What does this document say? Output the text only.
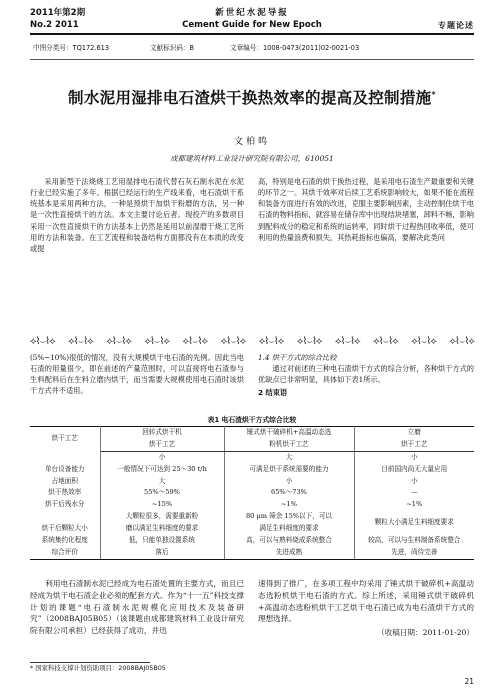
2011年第2期
No.2 2011
新世纪水泥导报
Cement Guide for New Epoch	专题论述
中图分类号：TQ172.613	文献标识码：B	文章编号：1008-0473(2011)02-0021-03
制水泥用湿排电石渣烘干换热效率的提高及控制措施*
文柏鸣
成都建筑材料工业设计研究院有限公司，610051

采用新型干法烧烧工艺用湿排电石渣代替石灰石制水泥在水泥行业已经实施了多年。根据已经运行的生产线来看，电石渣烘干系统基本是采用两种方法，一种是预烘干加烘干粉磨的方法，另一种是一次性直接烘干的方法。本文主要讨论后者。现投产的多数项目采用一次性直接烘干的方法基本上仍然是延用以前湿磨干烧工艺所用的方法和装备。在工艺流程和装备结构方面都没有在本质的改变或提

高，特别是电石渣的烘干换热过程，是采用电石渣生产最重要和关键的环节之一。其烘干效率对后续工艺系统影响较大，如果不能在流程和装备方面进行有效的改进，克服主要影响因素，主动控制住烘干电石渣的物料指标，就容易在储存库中出现结块堵塞，卸料不畅，影响到配料成分的稳定和系统的运转率，同时烘干过程热回收率低，使可利用的热量浪费和损失，其热耗指标也偏高，要解决此类问

⟡⌇⌣⌇⟡ ⟡⌇⌣⌇⟡ ⟡⌇⌣⌇⟡ ⟡⌇⌣⌇⟡ ⟡⌇⌣⌇⟡ ⟡⌇⌣⌇⟡ ⟡⌇⌣⌇⟡ ⟡⌇⌣⌇⟡ ⟡⌇⌣⌇⟡ ⟡⌇⌣⌇⟡ ⟡⌇⌣⌇⟡ ⟡⌇⌣⌇⟡

(5%~10%)很低的情况，没有大规模烘干电石渣的先例。因此当电石渣的用量很少，即在前述的产量范围时，可以直接将电石渣参与生料配料后在生料立磨内烘干，而当需要大规模使用电石渣时该烘干方式并不适用。

1.4 烘干方式的综合比较

通过对前述的三种电石渣烘干方式的综合分析，各种烘干方式的优缺点已非常明显，具体如下表1所示。

2 结束语
表1 电石渣烘干方式综合比较
烘干工艺	回转式烘干机	锤式烘干破碎机+高温动态选	立磨
	烘干工艺	粉机烘干工艺	烘干工艺
单台设备能力	小	大	小
	一般情况下可达到 25～30 t/h	可满足烘干系统需要的能力	目前国内尚无大量应用
占地面积	大	小	小
烘干热效率	55%～59%	65%～73%	—
烘干后残水分	~15%	~1%	~1%
烘干后颗粒大小	大颗粒很多，需要重新粉	80 μm 筛余 15%以下，可以	颗粒大小满足生料细度要求
	磨以满足生料细度的要求	满足生料细度的要求	
系统集约化程度	低，只能单独设置系统	高，可以与熟料烧成系统整合	较高，可以与生料制备系统整合
综合评价	落后	先进成熟	先进，尚待完善

利用电石渣制水泥已经成为电石渣处置的主要方式，而且已经成为烘干电石渣企业必须的配套方式。作为“十一五”科技支撑计划的课题“电石渣制水泥规模化应用技术及装备研究”（2008BAJ05B05）（该课题由成都建筑材料工业设计研究院有限公司承担）已经获得了成功，并迅

速得到了推广，在多项工程中均采用了锤式烘干破碎机+高温动态选粉机烘干电石渣的方式。综上所述，采用锤式烘干破碎机+高温动态选粉机烘干工艺烘干电石渣已成为电石渣烘干方式的理想选择。

（收稿日期：2011-01-20）
* 国家科技支撑计划资助项目：2008BAJ05B05
21
